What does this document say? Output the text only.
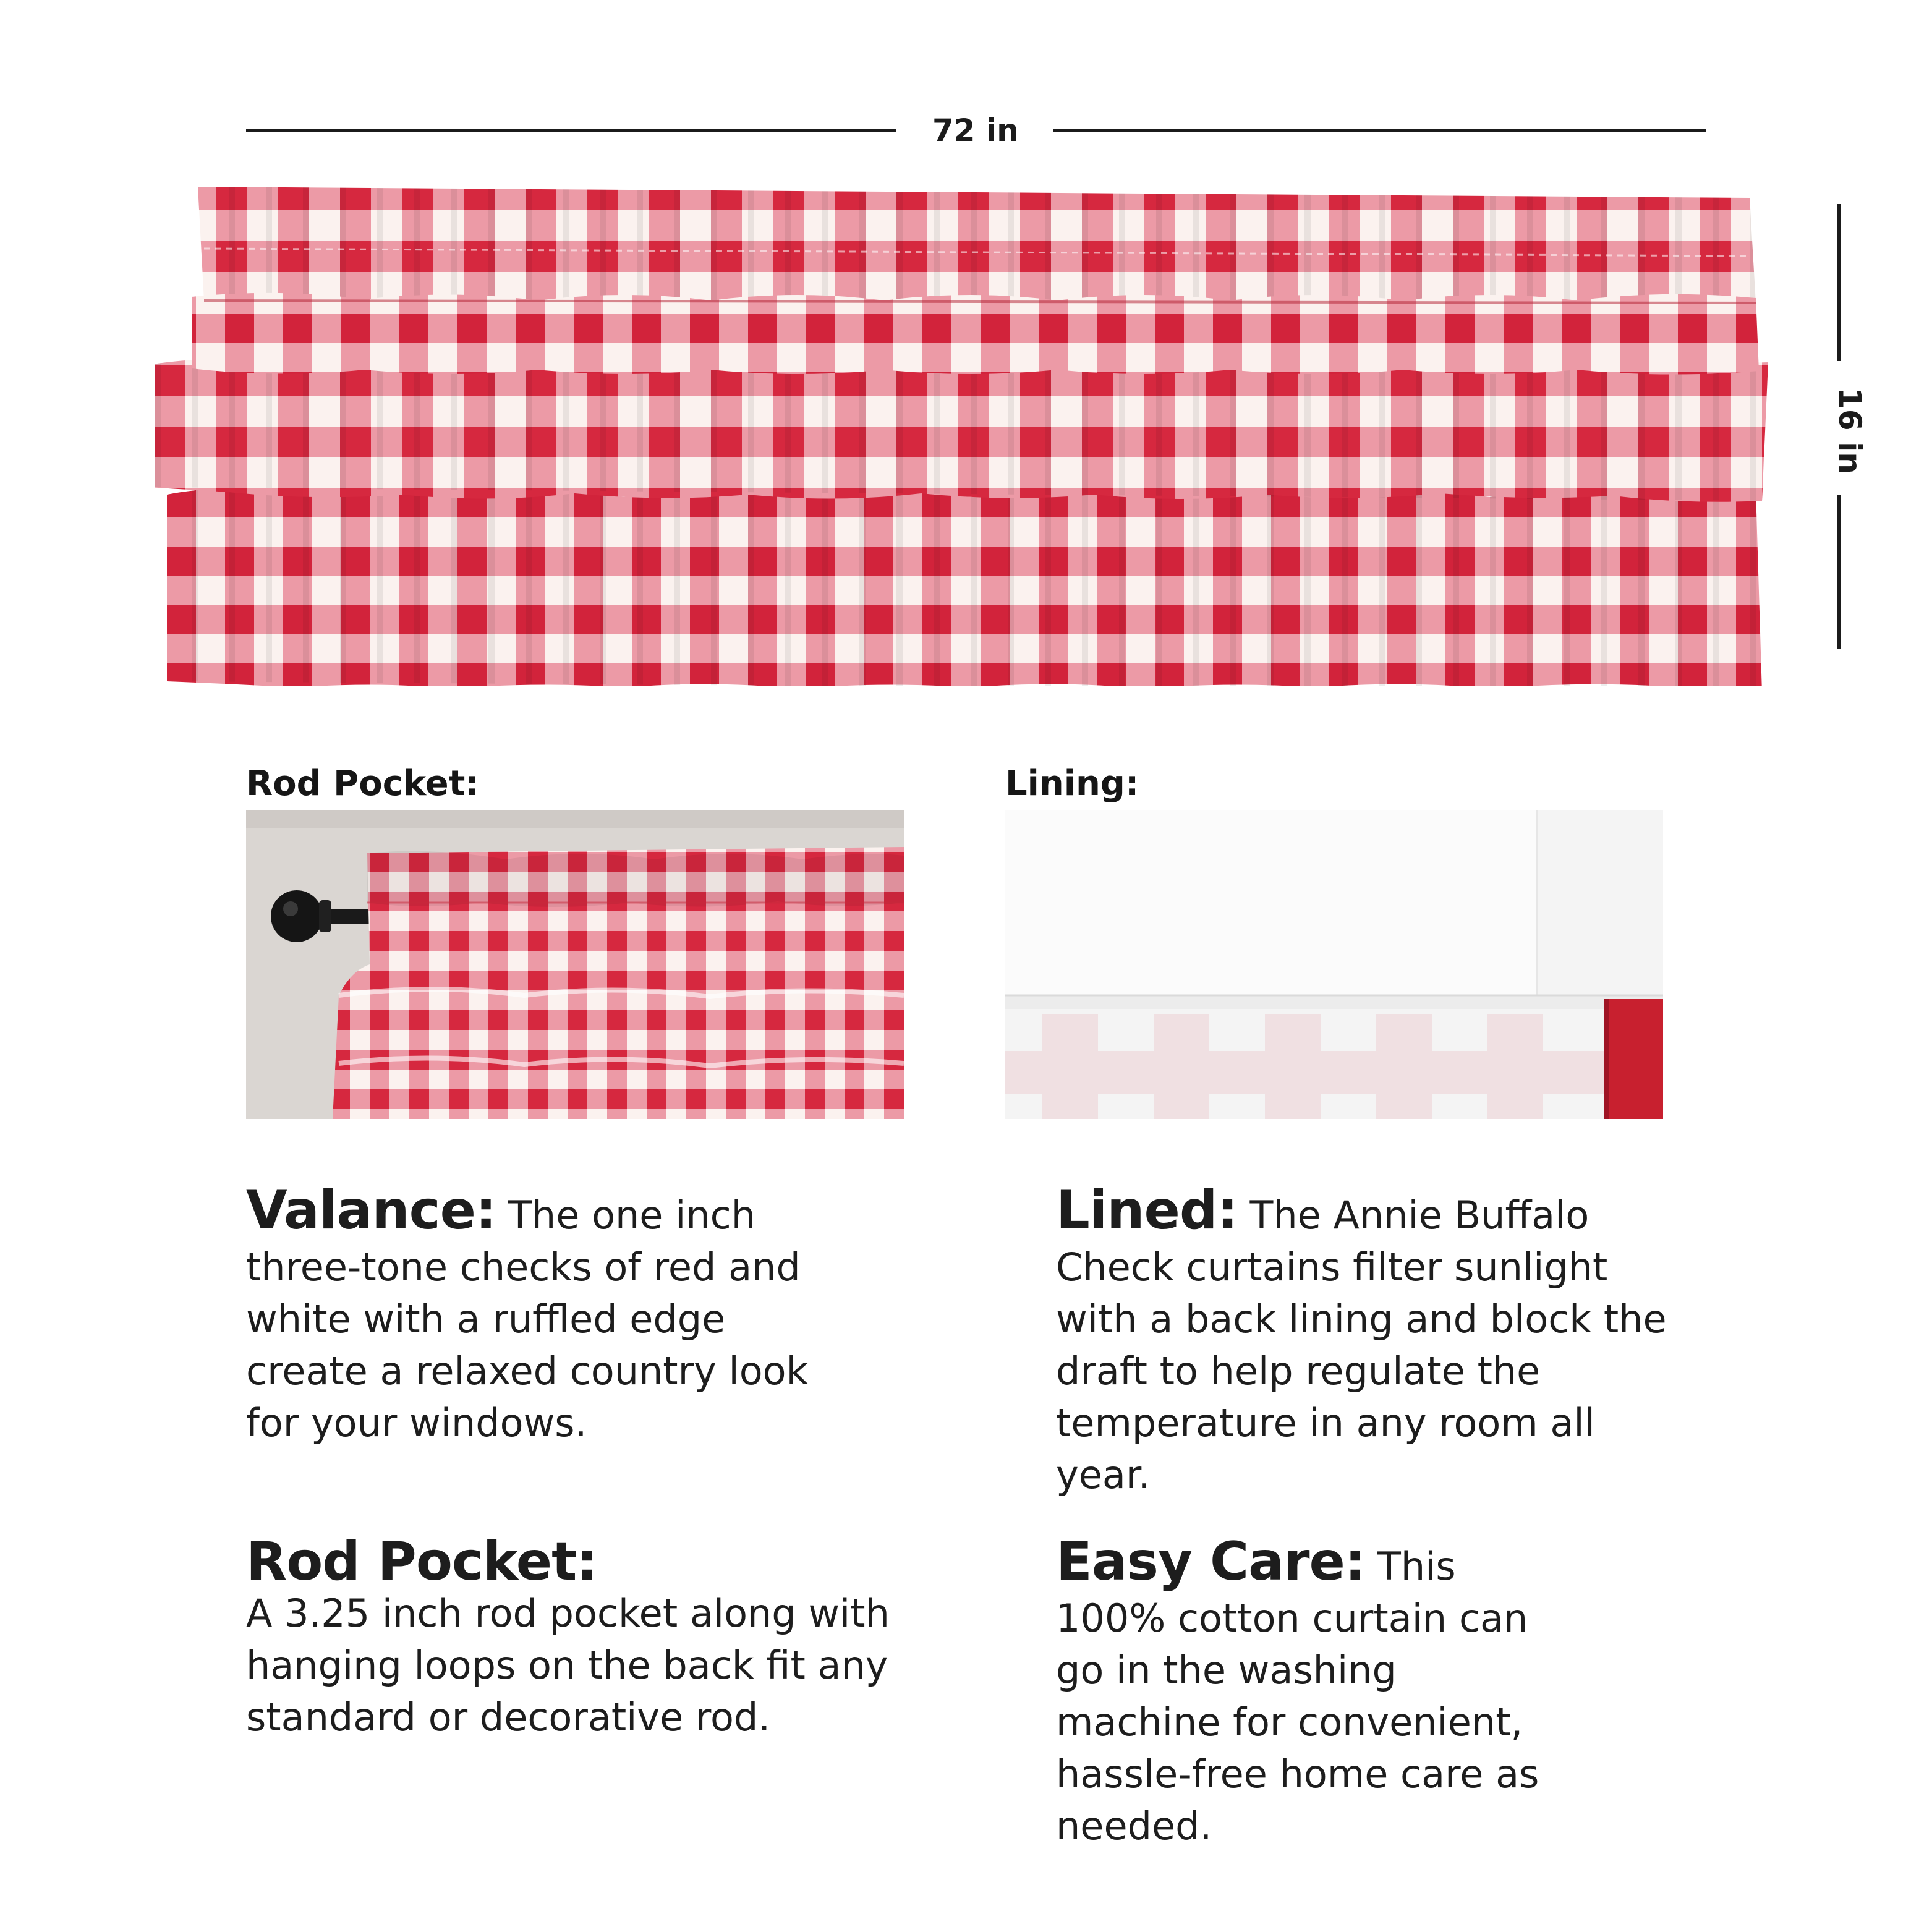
72 in
16 in
Rod Pocket:	Lining:
Valance: The one inch three-tone checks of red and white with a ruffled edge create a relaxed country look for your windows.
Lined: The Annie Buffalo Check curtains filter sunlight with a back lining and block the draft to help regulate the temperature in any room all year.
Rod Pocket:
A 3.25 inch rod pocket along with hanging loops on the back fit any standard or decorative rod.
Easy Care: This 100% cotton curtain can go in the washing machine for convenient, hassle-free home care as needed.
